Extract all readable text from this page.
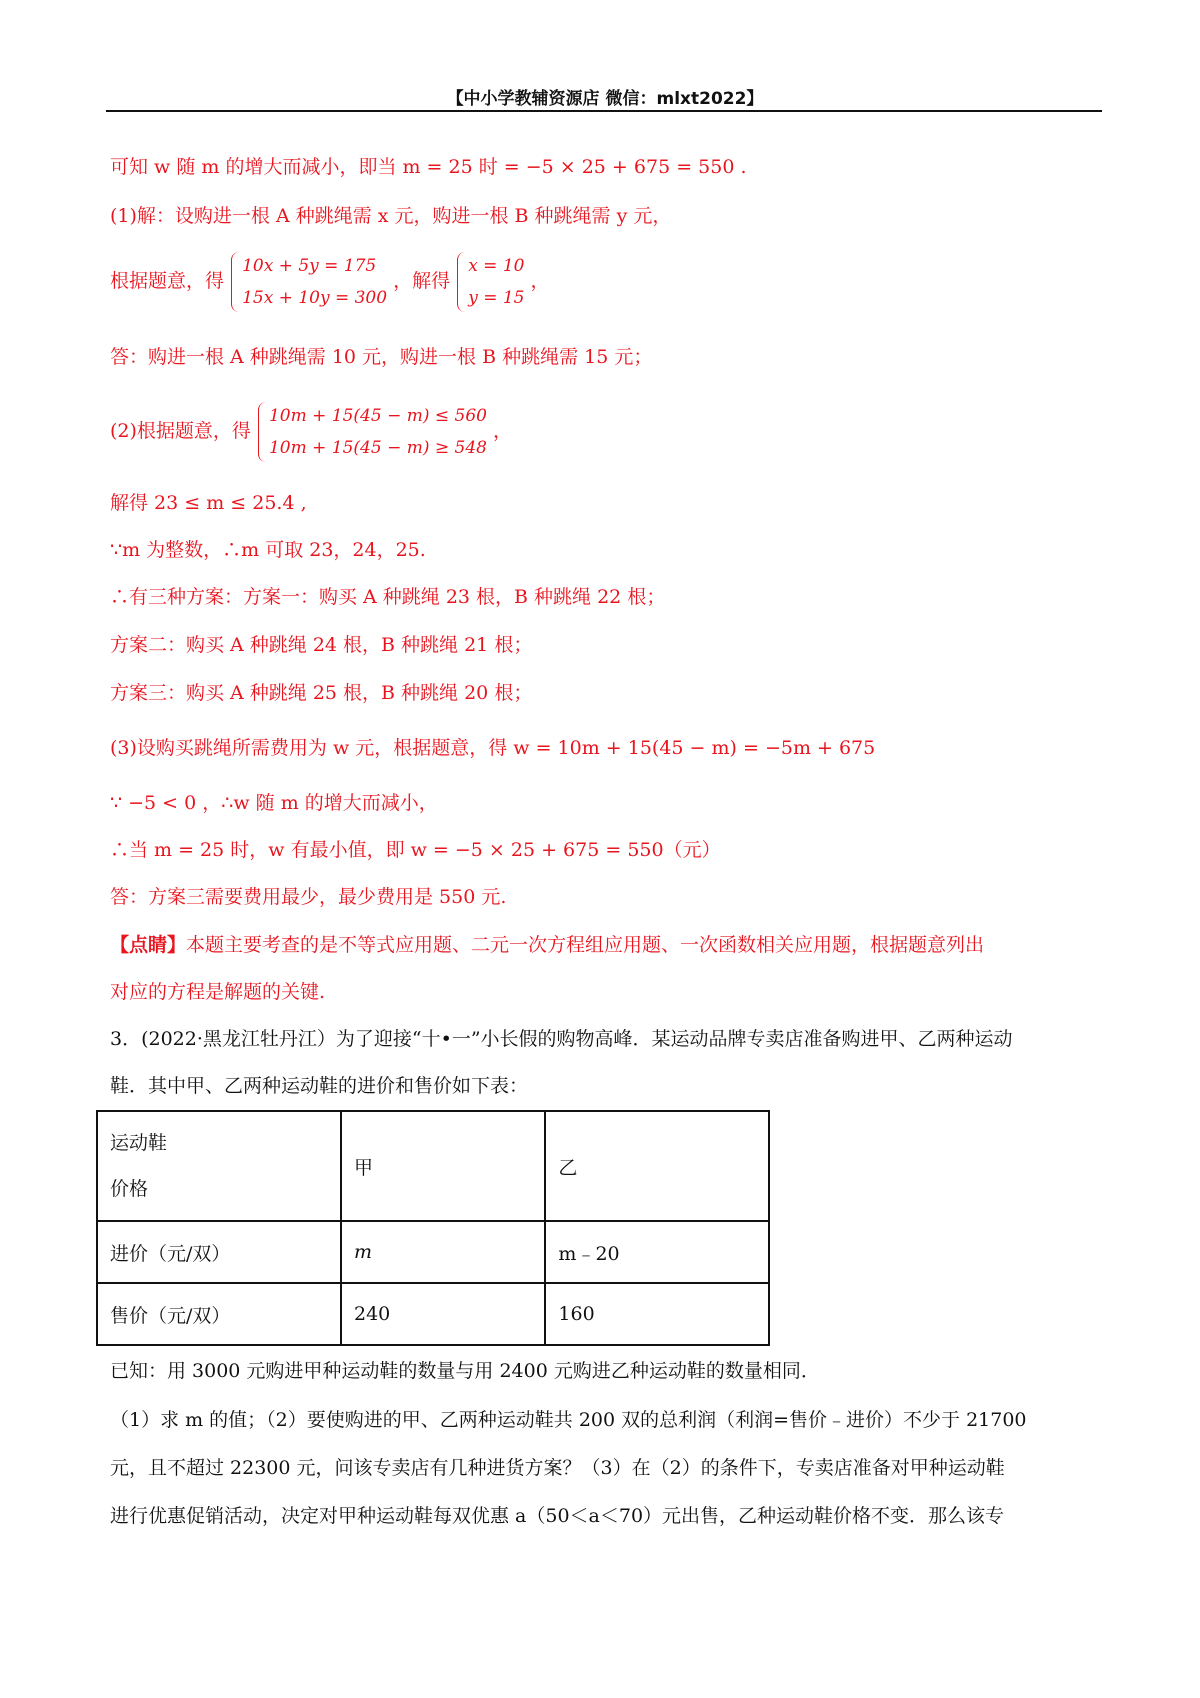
【中小学教辅资源店 微信：mlxt2022】
可知 w 随 m 的增大而减小，即当 m = 25 时 = −5 × 25 + 675 = 550 .
(1)解：设购进一根 A 种跳绳需 x 元，购进一根 B 种跳绳需 y 元，
根据题意，得
10x + 5y = 175
15x + 10y = 300
，解得
x = 10
y = 15
，
答：购进一根 A 种跳绳需 10 元，购进一根 B 种跳绳需 15 元；
(2)根据题意，得
10m + 15(45 − m) ≤ 560
10m + 15(45 − m) ≥ 548
，
解得 23 ≤ m ≤ 25.4 ,
∵m 为整数，∴m 可取 23，24，25.
∴有三种方案：方案一：购买 A 种跳绳 23 根，B 种跳绳 22 根；
方案二：购买 A 种跳绳 24 根，B 种跳绳 21 根；
方案三：购买 A 种跳绳 25 根，B 种跳绳 20 根；
(3)设购买跳绳所需费用为 w 元，根据题意，得 w = 10m + 15(45 − m) = −5m + 675
∵ −5 < 0 ，∴w 随 m 的增大而减小，
∴当 m = 25 时，w 有最小值，即 w = −5 × 25 + 675 = 550（元）
答：方案三需要费用最少，最少费用是 550 元.
【点睛】本题主要考查的是不等式应用题、二元一次方程组应用题、一次函数相关应用题，根据题意列出
对应的方程是解题的关键.
3．(2022·黑龙江牡丹江）为了迎接“十•一”小长假的购物高峰．某运动品牌专卖店准备购进甲、乙两种运动
鞋．其中甲、乙两种运动鞋的进价和售价如下表：
运动鞋
价格	甲	乙
进价（元/双）	m	m﹣20
售价（元/双）	240	160
已知：用 3000 元购进甲种运动鞋的数量与用 2400 元购进乙种运动鞋的数量相同．
（1）求 m 的值；（2）要使购进的甲、乙两种运动鞋共 200 双的总利润（利润=售价﹣进价）不少于 21700
元，且不超过 22300 元，问该专卖店有几种进货方案？（3）在（2）的条件下，专卖店准备对甲种运动鞋
进行优惠促销活动，决定对甲种运动鞋每双优惠 a（50＜a＜70）元出售，乙种运动鞋价格不变．那么该专
